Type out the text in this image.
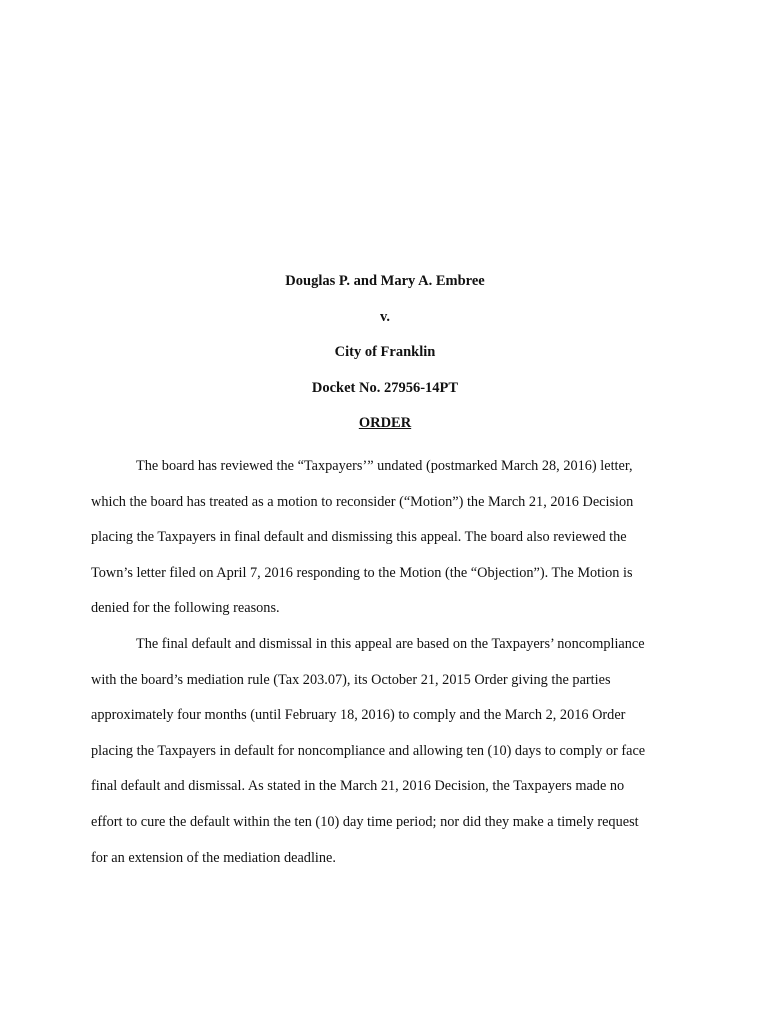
Douglas P. and Mary A. Embree
v.
City of Franklin
Docket No. 27956-14PT
ORDER

The board has reviewed the “Taxpayers’” undated (postmarked March 28, 2016) letter,
which the board has treated as a motion to reconsider (“Motion”) the March 21, 2016 Decision
placing the Taxpayers in final default and dismissing this appeal. The board also reviewed the
Town’s letter filed on April 7, 2016 responding to the Motion (the “Objection”). The Motion is
denied for the following reasons.

The final default and dismissal in this appeal are based on the Taxpayers’ noncompliance
with the board’s mediation rule (Tax 203.07), its October 21, 2015 Order giving the parties
approximately four months (until February 18, 2016) to comply and the March 2, 2016 Order
placing the Taxpayers in default for noncompliance and allowing ten (10) days to comply or face
final default and dismissal. As stated in the March 21, 2016 Decision, the Taxpayers made no
effort to cure the default within the ten (10) day time period; nor did they make a timely request
for an extension of the mediation deadline.
